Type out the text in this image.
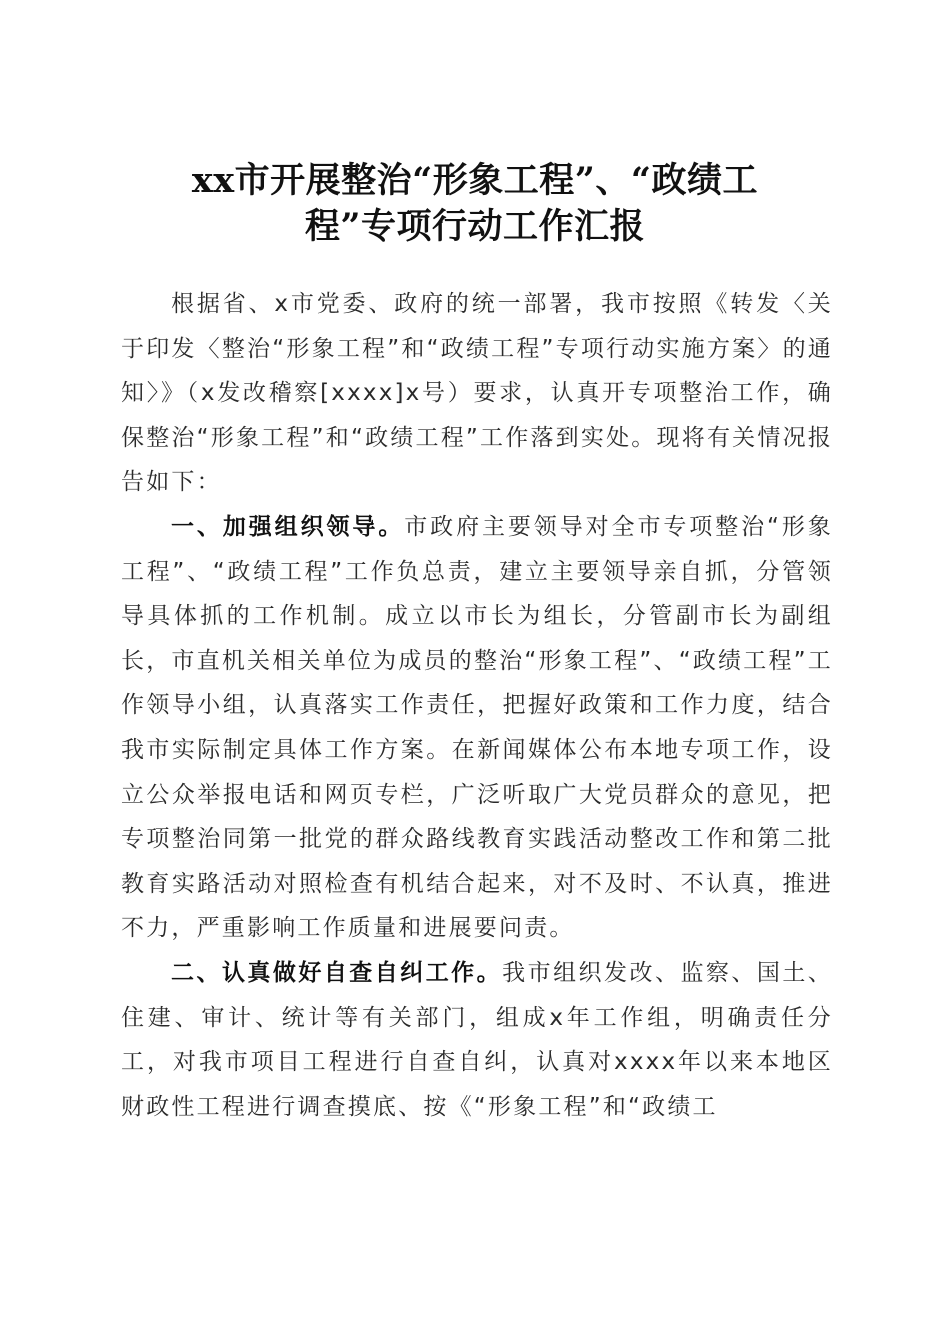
xx市开展整治“形象工程”、“政绩工
程”专项行动工作汇报

根据省、x市党委、政府的统一部署，我市按照《转发〈关于印发〈整治“形象工程”和“政绩工程”专项行动实施方案〉的通知〉》（x发改稽察[xxxx]x号）要求，认真开专项整治工作，确保整治“形象工程”和“政绩工程”工作落到实处。现将有关情况报告如下：

一、加强组织领导。市政府主要领导对全市专项整治“形象工程”、“政绩工程”工作负总责，建立主要领导亲自抓，分管领导具体抓的工作机制。成立以市长为组长，分管副市长为副组长，市直机关相关单位为成员的整治“形象工程”、“政绩工程”工作领导小组，认真落实工作责任，把握好政策和工作力度，结合我市实际制定具体工作方案。在新闻媒体公布本地专项工作，设立公众举报电话和网页专栏，广泛听取广大党员群众的意见，把专项整治同第一批党的群众路线教育实践活动整改工作和第二批教育实路活动对照检查有机结合起来，对不及时、不认真，推进不力，严重影响工作质量和进展要问责。

二、认真做好自查自纠工作。我市组织发改、监察、国土、住建、审计、统计等有关部门，组成x年工作组，明确责任分工，对我市项目工程进行自查自纠，认真对xxxx年以来本地区财政性工程进行调查摸底、按《“形象工程”和“政绩工
